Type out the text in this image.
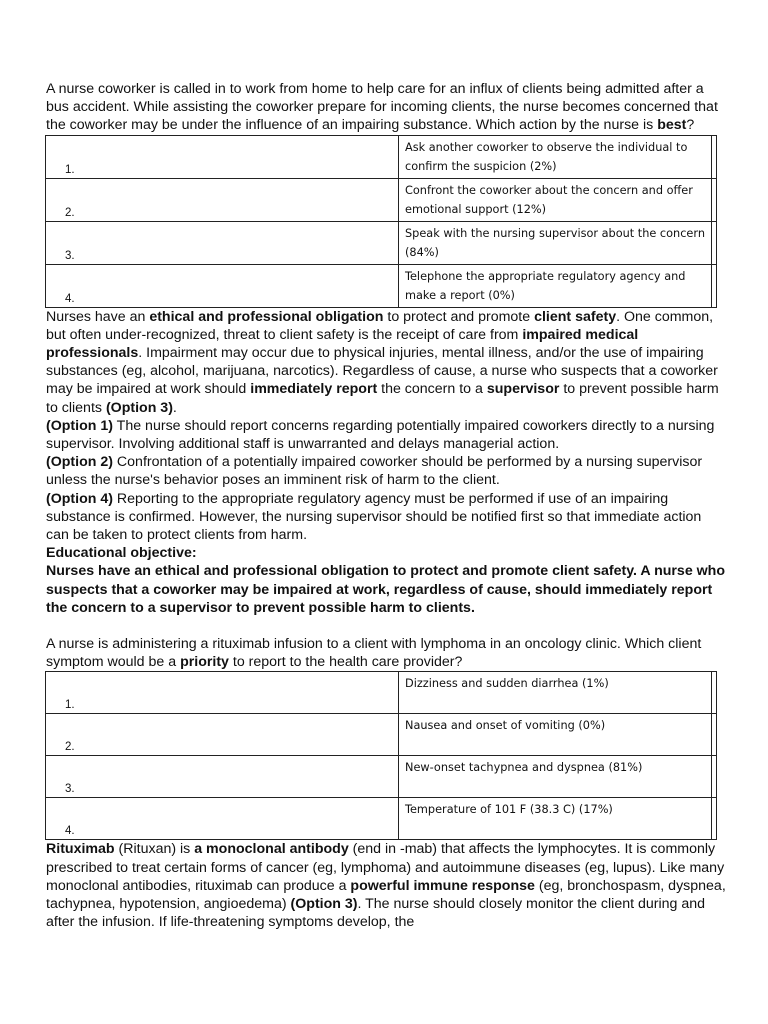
A nurse coworker is called in to work from home to help care for an influx of clients being admitted after a bus accident. While assisting the coworker prepare for incoming clients, the nurse becomes concerned that the coworker may be under the influence of an impairing substance. Which action by the nurse is best?

1.	Ask another coworker to observe the individual to confirm the suspicion (2%)	
2.	Confront the coworker about the concern and offer emotional support (12%)	
3.	Speak with the nursing supervisor about the concern (84%)	
4.	Telephone the appropriate regulatory agency and make a report (0%)	

Nurses have an ethical and professional obligation to protect and promote client safety. One common, but often under-recognized, threat to client safety is the receipt of care from impaired medical professionals. Impairment may occur due to physical injuries, mental illness, and/or the use of impairing substances (eg, alcohol, marijuana, narcotics). Regardless of cause, a nurse who suspects that a coworker may be impaired at work should immediately report the concern to a supervisor to prevent possible harm to clients (Option 3).

(Option 1) The nurse should report concerns regarding potentially impaired coworkers directly to a nursing supervisor. Involving additional staff is unwarranted and delays managerial action.

(Option 2) Confrontation of a potentially impaired coworker should be performed by a nursing supervisor unless the nurse's behavior poses an imminent risk of harm to the client.

(Option 4) Reporting to the appropriate regulatory agency must be performed if use of an impairing substance is confirmed. However, the nursing supervisor should be notified first so that immediate action can be taken to protect clients from harm.

Educational objective:

Nurses have an ethical and professional obligation to protect and promote client safety. A nurse who suspects that a coworker may be impaired at work, regardless of cause, should immediately report the concern to a supervisor to prevent possible harm to clients.

A nurse is administering a rituximab infusion to a client with lymphoma in an oncology clinic. Which client symptom would be a priority to report to the health care provider?

1.	Dizziness and sudden diarrhea (1%)	
2.	Nausea and onset of vomiting (0%)	
3.	New-onset tachypnea and dyspnea (81%)	
4.	Temperature of 101 F (38.3 C) (17%)	

Rituximab (Rituxan) is a monoclonal antibody (end in -mab) that affects the lymphocytes. It is commonly prescribed to treat certain forms of cancer (eg, lymphoma) and autoimmune diseases (eg, lupus). Like many monoclonal antibodies, rituximab can produce a powerful immune response (eg, bronchospasm, dyspnea, tachypnea, hypotension, angioedema) (Option 3). The nurse should closely monitor the client during and after the infusion. If life-threatening symptoms develop, the
